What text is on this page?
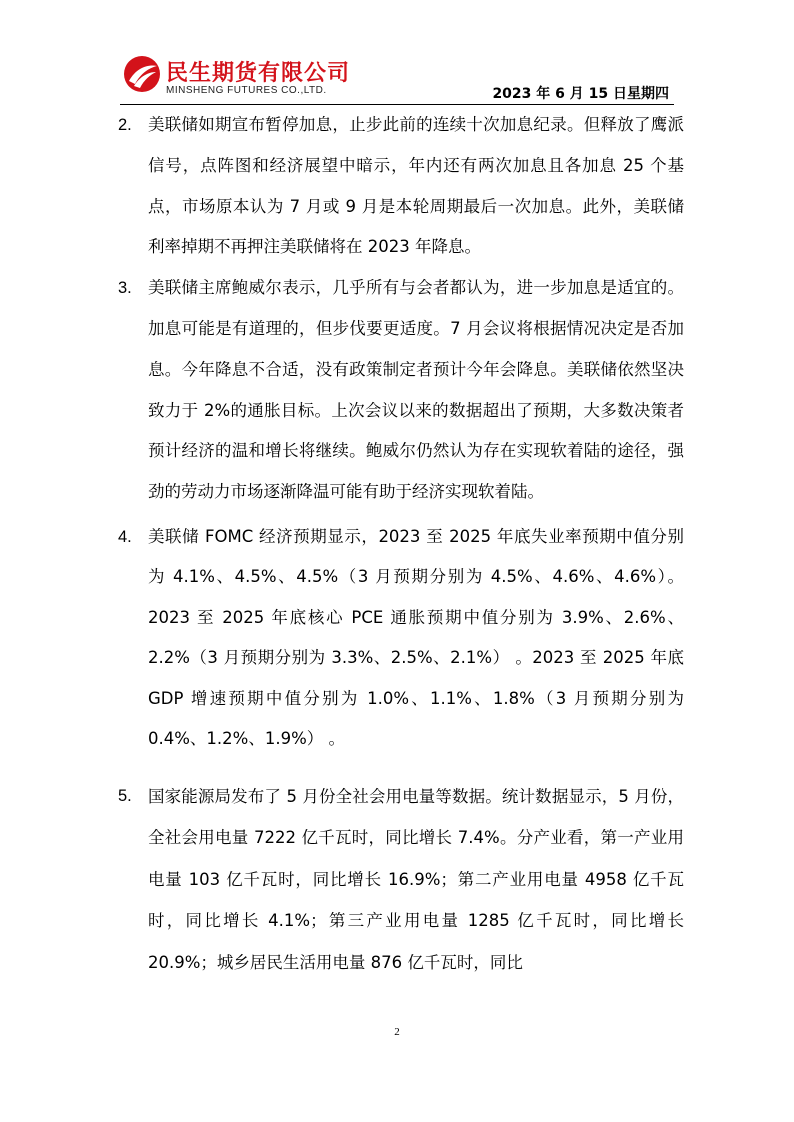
民生期货有限公司
MINSHENG FUTURES CO.,LTD.	2023 年 6 月 15 日星期四
2. 美联储如期宣布暂停加息，止步此前的连续十次加息纪录。但释放了鹰派信号，点阵图和经济展望中暗示，年内还有两次加息且各加息 25 个基点，市场原本认为 7 月或 9 月是本轮周期最后一次加息。此外，美联储利率掉期不再押注美联储将在 2023 年降息。

3. 美联储主席鲍威尔表示，几乎所有与会者都认为，进一步加息是适宜的。加息可能是有道理的，但步伐要更适度。7 月会议将根据情况决定是否加息。今年降息不合适，没有政策制定者预计今年会降息。美联储依然坚决致力于 2%的通胀目标。上次会议以来的数据超出了预期，大多数决策者预计经济的温和增长将继续。鲍威尔仍然认为存在实现软着陆的途径，强劲的劳动力市场逐渐降温可能有助于经济实现软着陆。

4. 美联储 FOMC 经济预期显示，2023 至 2025 年底失业率预期中值分别为 4.1%、4.5%、4.5%（3 月预期分别为 4.5%、4.6%、4.6%）。2023 至 2025 年底核心 PCE 通胀预期中值分别为 3.9%、2.6%、2.2%（3 月预期分别为 3.3%、2.5%、2.1%） 。2023 至 2025 年底 GDP 增速预期中值分别为 1.0%、1.1%、1.8%（3 月预期分别为 0.4%、1.2%、1.9%） 。

5. 国家能源局发布了 5 月份全社会用电量等数据。统计数据显示，5 月份，全社会用电量 7222 亿千瓦时，同比增长 7.4%。分产业看，第一产业用电量 103 亿千瓦时，同比增长 16.9%；第二产业用电量 4958 亿千瓦时，同比增长 4.1%；第三产业用电量 1285 亿千瓦时，同比增长 20.9%；城乡居民生活用电量 876 亿千瓦时，同比

2
